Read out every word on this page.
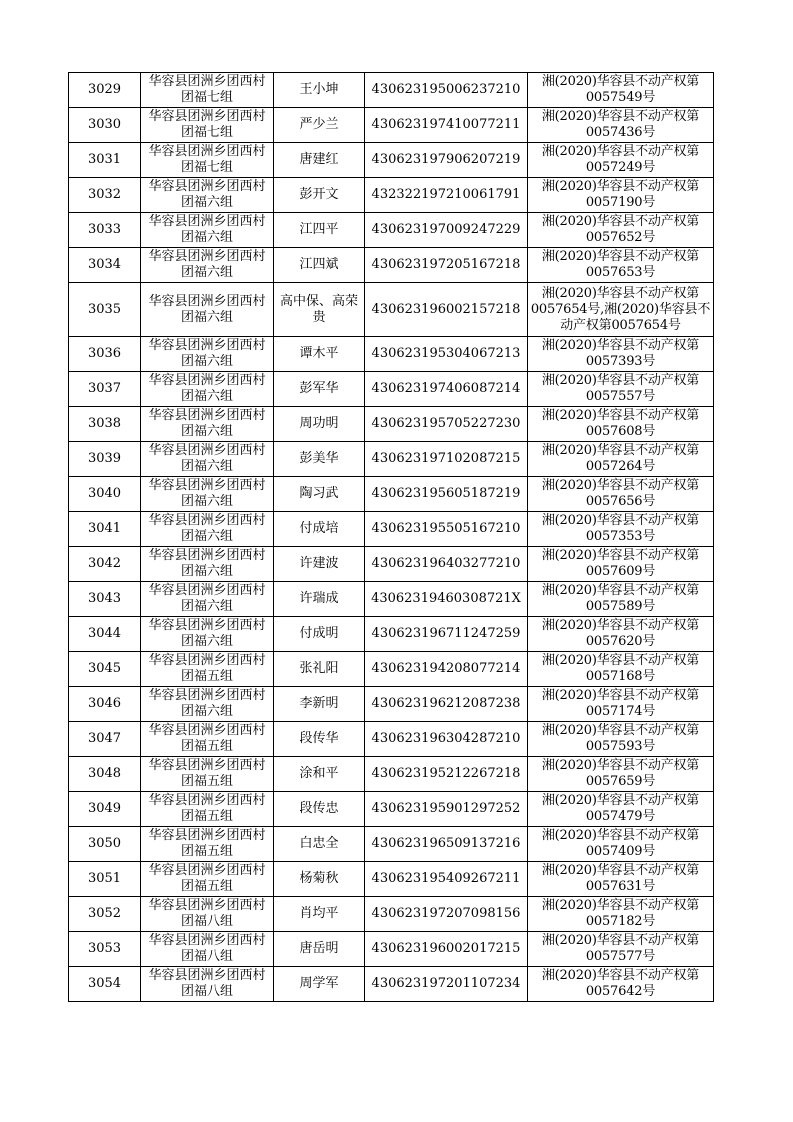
3029	华容县团洲乡团西村团福七组	王小坤	430623195006237210	湘(2020)华容县不动产权第0057549号
3030	华容县团洲乡团西村团福七组	严少兰	430623197410077211	湘(2020)华容县不动产权第0057436号
3031	华容县团洲乡团西村团福七组	唐建红	430623197906207219	湘(2020)华容县不动产权第0057249号
3032	华容县团洲乡团西村团福六组	彭开文	432322197210061791	湘(2020)华容县不动产权第0057190号
3033	华容县团洲乡团西村团福六组	江四平	430623197009247229	湘(2020)华容县不动产权第0057652号
3034	华容县团洲乡团西村团福六组	江四斌	430623197205167218	湘(2020)华容县不动产权第0057653号
3035	华容县团洲乡团西村团福六组	高中保、高荣贵	430623196002157218	湘(2020)华容县不动产权第0057654号,湘(2020)华容县不动产权第0057654号
3036	华容县团洲乡团西村团福六组	谭木平	430623195304067213	湘(2020)华容县不动产权第0057393号
3037	华容县团洲乡团西村团福六组	彭军华	430623197406087214	湘(2020)华容县不动产权第0057557号
3038	华容县团洲乡团西村团福六组	周功明	430623195705227230	湘(2020)华容县不动产权第0057608号
3039	华容县团洲乡团西村团福六组	彭美华	430623197102087215	湘(2020)华容县不动产权第0057264号
3040	华容县团洲乡团西村团福六组	陶习武	430623195605187219	湘(2020)华容县不动产权第0057656号
3041	华容县团洲乡团西村团福六组	付成培	430623195505167210	湘(2020)华容县不动产权第0057353号
3042	华容县团洲乡团西村团福六组	许建波	430623196403277210	湘(2020)华容县不动产权第0057609号
3043	华容县团洲乡团西村团福六组	许瑞成	43062319460308721X	湘(2020)华容县不动产权第0057589号
3044	华容县团洲乡团西村团福六组	付成明	430623196711247259	湘(2020)华容县不动产权第0057620号
3045	华容县团洲乡团西村团福五组	张礼阳	430623194208077214	湘(2020)华容县不动产权第0057168号
3046	华容县团洲乡团西村团福六组	李新明	430623196212087238	湘(2020)华容县不动产权第0057174号
3047	华容县团洲乡团西村团福五组	段传华	430623196304287210	湘(2020)华容县不动产权第0057593号
3048	华容县团洲乡团西村团福五组	涂和平	430623195212267218	湘(2020)华容县不动产权第0057659号
3049	华容县团洲乡团西村团福五组	段传忠	430623195901297252	湘(2020)华容县不动产权第0057479号
3050	华容县团洲乡团西村团福五组	白忠全	430623196509137216	湘(2020)华容县不动产权第0057409号
3051	华容县团洲乡团西村团福五组	杨菊秋	430623195409267211	湘(2020)华容县不动产权第0057631号
3052	华容县团洲乡团西村团福八组	肖均平	430623197207098156	湘(2020)华容县不动产权第0057182号
3053	华容县团洲乡团西村团福八组	唐岳明	430623196002017215	湘(2020)华容县不动产权第0057577号
3054	华容县团洲乡团西村团福八组	周学军	430623197201107234	湘(2020)华容县不动产权第0057642号
